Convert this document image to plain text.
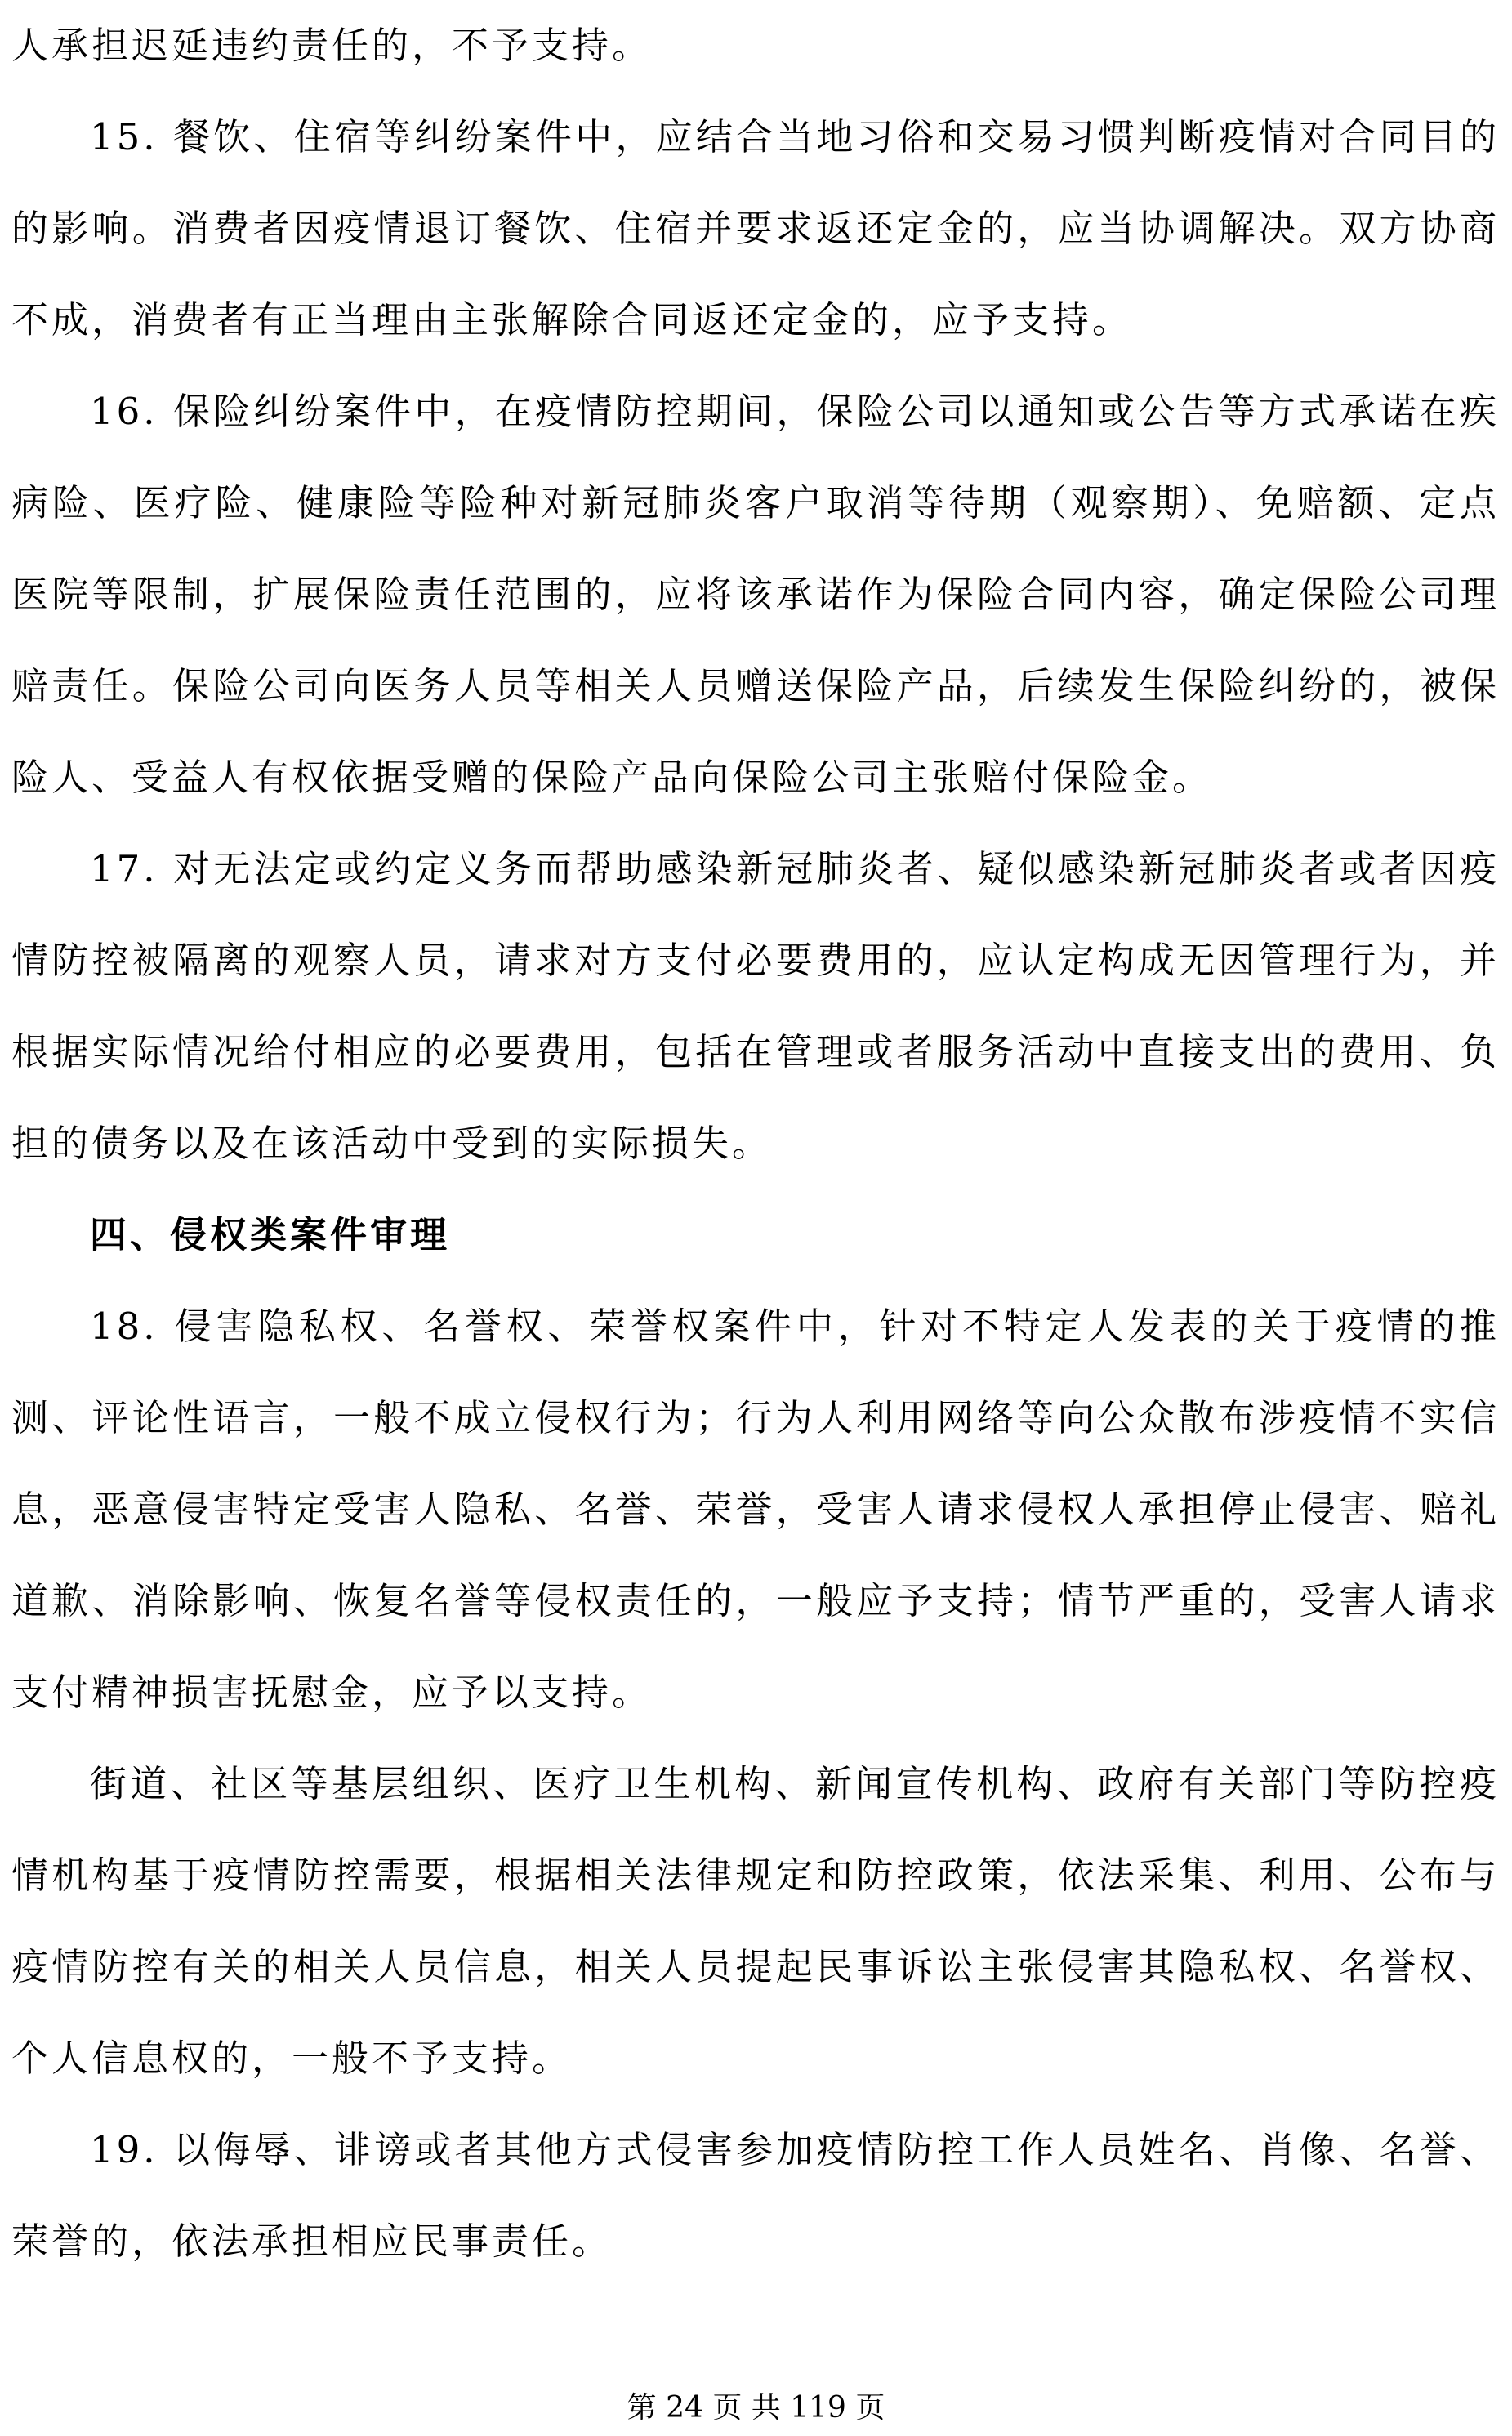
人承担迟延违约责任的，不予支持。

15. 餐饮、住宿等纠纷案件中，应结合当地习俗和交易习惯判断疫情对合同目的的影响。消费者因疫情退订餐饮、住宿并要求返还定金的，应当协调解决。双方协商不成，消费者有正当理由主张解除合同返还定金的，应予支持。

16. 保险纠纷案件中，在疫情防控期间，保险公司以通知或公告等方式承诺在疾病险、医疗险、健康险等险种对新冠肺炎客户取消等待期（观察期）、免赔额、定点医院等限制，扩展保险责任范围的，应将该承诺作为保险合同内容，确定保险公司理赔责任。保险公司向医务人员等相关人员赠送保险产品，后续发生保险纠纷的，被保险人、受益人有权依据受赠的保险产品向保险公司主张赔付保险金。

17. 对无法定或约定义务而帮助感染新冠肺炎者、疑似感染新冠肺炎者或者因疫情防控被隔离的观察人员，请求对方支付必要费用的，应认定构成无因管理行为，并根据实际情况给付相应的必要费用，包括在管理或者服务活动中直接支出的费用、负担的债务以及在该活动中受到的实际损失。

四、侵权类案件审理

18. 侵害隐私权、名誉权、荣誉权案件中，针对不特定人发表的关于疫情的推测、评论性语言，一般不成立侵权行为；行为人利用网络等向公众散布涉疫情不实信息，恶意侵害特定受害人隐私、名誉、荣誉，受害人请求侵权人承担停止侵害、赔礼道歉、消除影响、恢复名誉等侵权责任的，一般应予支持；情节严重的，受害人请求支付精神损害抚慰金，应予以支持。

街道、社区等基层组织、医疗卫生机构、新闻宣传机构、政府有关部门等防控疫情机构基于疫情防控需要，根据相关法律规定和防控政策，依法采集、利用、公布与疫情防控有关的相关人员信息，相关人员提起民事诉讼主张侵害其隐私权、名誉权、个人信息权的，一般不予支持。

19. 以侮辱、诽谤或者其他方式侵害参加疫情防控工作人员姓名、肖像、名誉、荣誉的，依法承担相应民事责任。

第 24 页 共 119 页
